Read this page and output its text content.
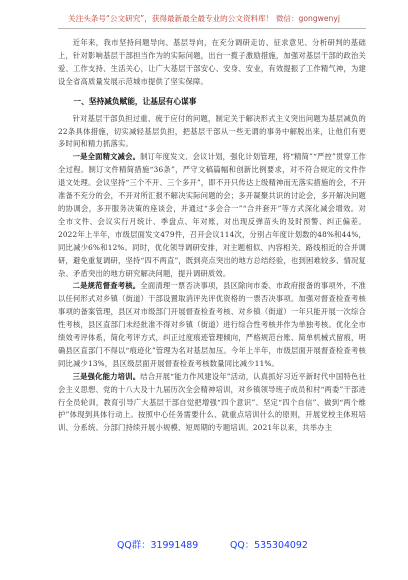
关注头条号“公文研究”，获得最新最全最专业的公文资料库！ 微信：gongwenyj

近年来，我市坚持问题导向、基层导向，在充分调研走访、征求意见、分析研判的基础上，针对影响基层干部担当作为的实际问题，出台一揽子激励措施，加强对基层干部的政治关爱、工作支持、生活关心，让广大基层干部安心、安身、安业，有效提振了工作精气神，为建设全省高质量发展示范城市提供了坚实保障。

一、坚持减负赋能，让基层有心谋事

针对基层干部负担过重、疲于应付的问题，制定关于解决形式主义突出问题为基层减负的22条具体措施，切实减轻基层负担，把基层干部从一些无谓的事务中解脱出来，让他们有更多时间和精力抓落实。

一是全面精文减会。制订年度发文、会议计划，强化计划管理，将“精简”“严控”贯穿工作全过程。制订文件精简措施“36条”，严守文稿篇幅和创新比例要求，对不符合规定的文件作退文处理。会议坚持“三个不开、三个多开”，即不开只传达上级精神而无落实措施的会，不开准备不充分的会，不开对所汇报不解决实际问题的会；多开凝聚共识的讨论会，多开解决问题的协调会，多开服务决策的座谈会，并通过“多会合一”“合并套开”等方式深化减会增效。对全市文件、会议实行月统计、季盘点、年对账，对出现反弹苗头的及时预警、纠正偏差。2022年上半年，市级层面发文479件，召开会议114次，分别占年度计划数的48%和44%，同比减少6%和12%。同时，优化领导调研安排，对主题相似、内容相关、路线相近的合并调研，避免重复调研，坚持“四不两直”，既到亮点突出的地方总结经验，也到困难较多、情况复杂、矛盾突出的地方研究解决问题，提升调研质效。

二是规范督查考核。全面清理一票否决事项，县区除向市委、市政府报备的事项外，不准以任何形式对乡镇（街道）干部设置取消评先评优资格的一票否决事项。加强对督查检查考核事项的备案管理，县区对市级部门开展督查检查考核、对乡镇（街道）一年只能开展一次综合性考核，县区直部门未经批准不得对乡镇（街道）进行综合性考核并作为单独考核。优化全市绩效考评体系，简化考评方式，纠正过度痕迹管理倾向，严格规范台账、简单机械式留痕，明确县区直部门不得以“痕迹化”管理为名对基层加压。今年上半年，市级层面开展督查检查考核同比减少13%，县区级层面开展督查检查考核数量同比减少11%。

三是强化能力培训。结合开展“能力作风建设年”活动，认真抓好习近平新时代中国特色社会主义思想、党的十八大及十九届历次全会精神培训，对乡镇领导班子成员和村“两委”干部进行全员轮训，教育引导广大基层干部自觉把增强“四个意识”、坚定“四个自信”、做到“两个维护”体现到具体行动上。按照中心任务需要什么、就重点培训什么的原则，开展党校主体班培训、分系统、分部门持续开展小规模、短周期的专题培训。2021年以来，共举办主

QQ群：31991489	QQ：535304092
